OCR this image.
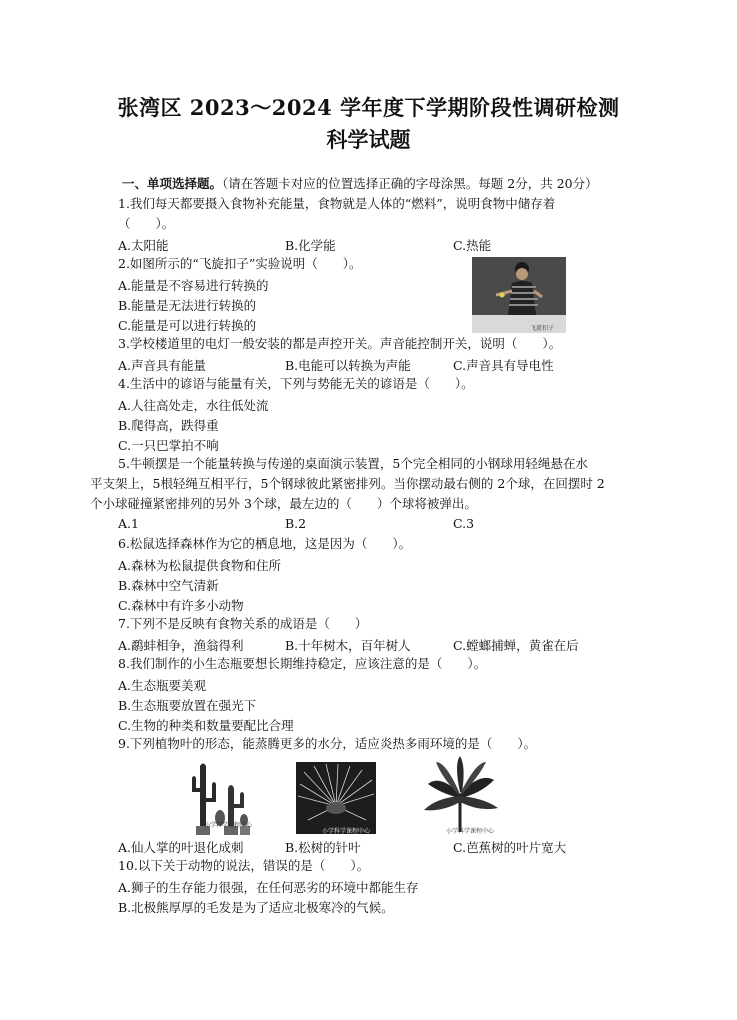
张湾区 2023～2024 学年度下学期阶段性调研检测
科学试题
一、单项选择题。（请在答题卡对应的位置选择正确的字母涂黑。每题 2分，共 20分）
1.我们每天都要摄入食物补充能量，食物就是人体的“燃料”，说明食物中储存着
（　　）。
A.太阳能	B.化学能	C.热能
2.如图所示的“飞旋扣子”实验说明（　　）。
A.能量是不容易进行转换的
B.能量是无法进行转换的
C.能量是可以进行转换的	飞旋扣子
3.学校楼道里的电灯一般安装的都是声控开关。声音能控制开关，说明（　　）。
A.声音具有能量	B.电能可以转换为声能	C.声音具有导电性
4.生活中的谚语与能量有关，下列与势能无关的谚语是（　　）。
A.人往高处走，水往低处流
B.爬得高，跌得重
C.一只巴掌拍不响
5.牛顿摆是一个能量转换与传递的桌面演示装置，5个完全相同的小钢球用轻绳悬在水
平支架上，5根轻绳互相平行，5个钢球彼此紧密排列。当你摆动最右侧的 2个球，在回摆时 2
个小球碰撞紧密排列的另外 3个球，最左边的（　　）个球将被弹出。
A.1	B.2	C.3
6.松鼠选择森林作为它的栖息地，这是因为（　　）。
A.森林为松鼠提供食物和住所
B.森林中空气清新
C.森林中有许多小动物
7.下列不是反映有食物关系的成语是（　　）
A.鹬蚌相争，渔翁得利	B.十年树木，百年树人	C.螳螂捕蝉，黄雀在后
8.我们制作的小生态瓶要想长期维持稳定，应该注意的是（　　）。
A.生态瓶要美观
B.生态瓶要放置在强光下
C.生物的种类和数量要配比合理
9.下列植物叶的形态，能蒸腾更多的水分，适应炎热多雨环境的是（　　）。
小学科学课程中心
小学科学课程中心	小学科学课程中心
A.仙人掌的叶退化成刺	B.松树的针叶	C.芭蕉树的叶片宽大
10.以下关于动物的说法，错误的是（　　）。
A.狮子的生存能力很强，在任何恶劣的环境中都能生存
B.北极熊厚厚的毛发是为了适应北极寒冷的气候。
